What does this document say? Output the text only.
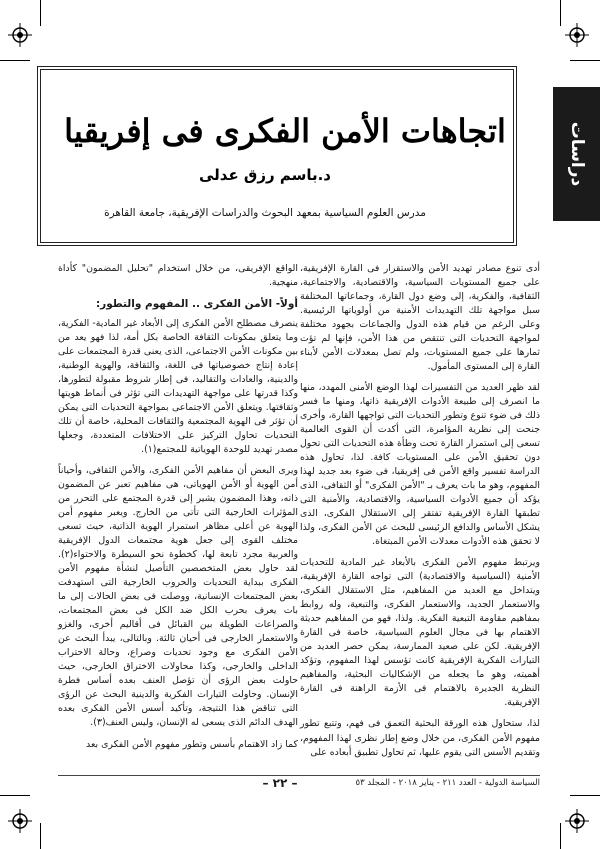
دراسات
اتجاهات الأمن الفكرى فى إفريقيا
د.باسم رزق عدلى
مدرس العلوم السياسية بمعهد البحوث والدراسات الإفريقية، جامعة القاهرة

أدى تنوع مصادر تهديد الأمن والاستقرار فى القارة الإفريقية، على جميع المستويات السياسية، والاقتصادية، والاجتماعية، الثقافية، والفكرية، إلى وضع دول القارة، وجماعاتها المختلفة سبل مواجهة تلك التهديدات الأمنية من أولوياتها الرئيسية. وعلى الرغم من قيام هذه الدول والجماعات بجهود مختلفة لمواجهة التحديات التى تنتقص من هذا الأمن، فإنها لم تؤت ثمارها على جميع المستويات، ولم تصل بمعدلات الأمن لأبناء القارة إلى المستوى المأمول.

لقد ظهر العديد من التفسيرات لهذا الوضع الأمنى المهدد، منها ما انصرف إلى طبيعة الأدوات الإفريقية ذاتها، ومنها ما فسر ذلك فى ضوء تنوع وتطور التحديات التى تواجهها القارة، وأخرى جنحت إلى نظرية المؤامرة، التى أكدت أن القوى العالمية تسعى إلى استمرار القارة تحت وطأة هذه التحديات التى تحول دون تحقيق الأمن على المستويات كافة. لذا، تحاول هذه الدراسة تفسير واقع الأمن فى إفريقيا، فى ضوء بعد جديد لهذا المفهوم، وهو ما بات يعرف بـ "الأمن الفكرى" أو الثقافى، الذى يؤكد أن جميع الأدوات السياسية، والاقتصادية، والأمنية التى تطبقها القارة الإفريقية تفتقر إلى الاستقلال الفكرى، الذى يشكل الأساس والدافع الرئيسى للبحث عن الأمن الفكرى، ولذا لا تحقق هذه الأدوات معدلات الأمن المبتغاة.

ويرتبط مفهوم الأمن الفكرى بالأبعاد غير المادية للتحديات الأمنية (السياسية والاقتصادية) التى تواجه القارة الإفريقية، ويتداخل مع العديد من المفاهيم، مثل الاستقلال الفكرى، والاستعمار الجديد، والاستعمار الفكرى، والتبعية، وله روابط بمفاهيم مقاومة التبعية الفكرية. ولذا، فهو من المفاهيم حديثة الاهتمام بها فى مجال العلوم السياسية، خاصة فى القارة الإفريقية. لكن على صعيد الممارسة، يمكن حصر العديد من التيارات الفكرية الإفريقية كانت تؤسس لهذا المفهوم، وتؤكد أهميته، وهو ما يجعله من الإشكاليات البحثية، والمفاهيم النظرية الجديرة بالاهتمام فى الأزمة الراهنة فى القارة الإفريقية.

لذا، ستحاول هذه الورقة البحثية التعمق فى فهم، وتتبع تطور مفهوم الأمن الفكرى، من خلال وضع إطار نظرى لهذا المفهوم، وتقديم الأسس التى يقوم عليها، ثم تحاول تطبيق أبعاده على

الواقع الإفريقى، من خلال استخدام "تحليل المضمون" كأداة منهجية.

أولاً- الأمن الفكرى .. المفهوم والتطور:

ينصرف مصطلح الأمن الفكرى إلى الأبعاد غير المادية- الفكرية، وما يتعلق بمكونات الثقافة الخاصة بكل أمة، لذا فهو يعد من بين مكونات الأمن الاجتماعى، الذى يعنى قدرة المجتمعات على إعادة إنتاج خصوصياتها فى اللغة، والثقافة، والهوية الوطنية، والدينية، والعادات والتقاليد، فى إطار شروط مقبولة لتطورها، وكذا قدرتها على مواجهة التهديدات التى تؤثر فى أنماط هويتها وثقافتها. ويتعلق الأمن الاجتماعى بمواجهة التحديات التى يمكن أن تؤثر فى الهوية المجتمعية والثقافات المحلية، خاصة أن تلك التحديات تحاول التركيز على الاختلافات المتعددة، وجعلها مصدر تهديد للوحدة الهوياتية للمجتمع(١).

ويرى البعض أن مفاهيم الأمن الفكرى، والأمن الثقافى، وأحياناً أمن الهوية أو الأمن الهوياتى، هى مفاهيم تعبر عن المضمون ذاته، وهذا المضمون يشير إلى قدرة المجتمع على التحرر من المؤثرات الخارجية التى تأتى من الخارج. ويعبر مفهوم أمن الهوية عن أعلى مظاهر استمرار الهوية الذاتية، حيث تسعى مختلف القوى إلى جعل هوية مجتمعات الدول الإفريقية والعربية مجرد تابعة لها، كخطوة نحو السيطرة والاحتواء(٢). لقد حاول بعض المتخصصين التأصيل لنشأة مفهوم الأمن الفكرى ببداية التحديات والحروب الخارجية التى استهدفت بعض المجتمعات الإنسانية، ووصلت فى بعض الحالات إلى ما بات يعرف بحرب الكل ضد الكل فى بعض المجتمعات، والصراعات الطويلة بين القبائل فى أقاليم أخرى، والغزو والاستعمار الخارجى فى أحيان ثالثة. وبالتالى، يبدأ البحث عن الأمن الفكرى مع وجود تحديات وصراع، وحالة الاحتراب الداخلى والخارجى، وكذا محاولات الاختراق الخارجى، حيث حاولت بعض الرؤى أن تؤصل العنف بعده أساس فطرة الإنسان. وحاولت التيارات الفكرية والدينية البحث عن الرؤى التى تناقض هذا النتيجة، وتأكيد أسس الأمن الفكرى بعده الهدف الدائم الذى يسعى له الإنسان، وليس العنف(٣).

كما زاد الاهتمام بأسس وتطور مفهوم الأمن الفكرى بعد

– ٢٢ –	السياسة الدولية - العدد ٢١١ - يناير ٢٠١٨ - المجلد ٥٣
